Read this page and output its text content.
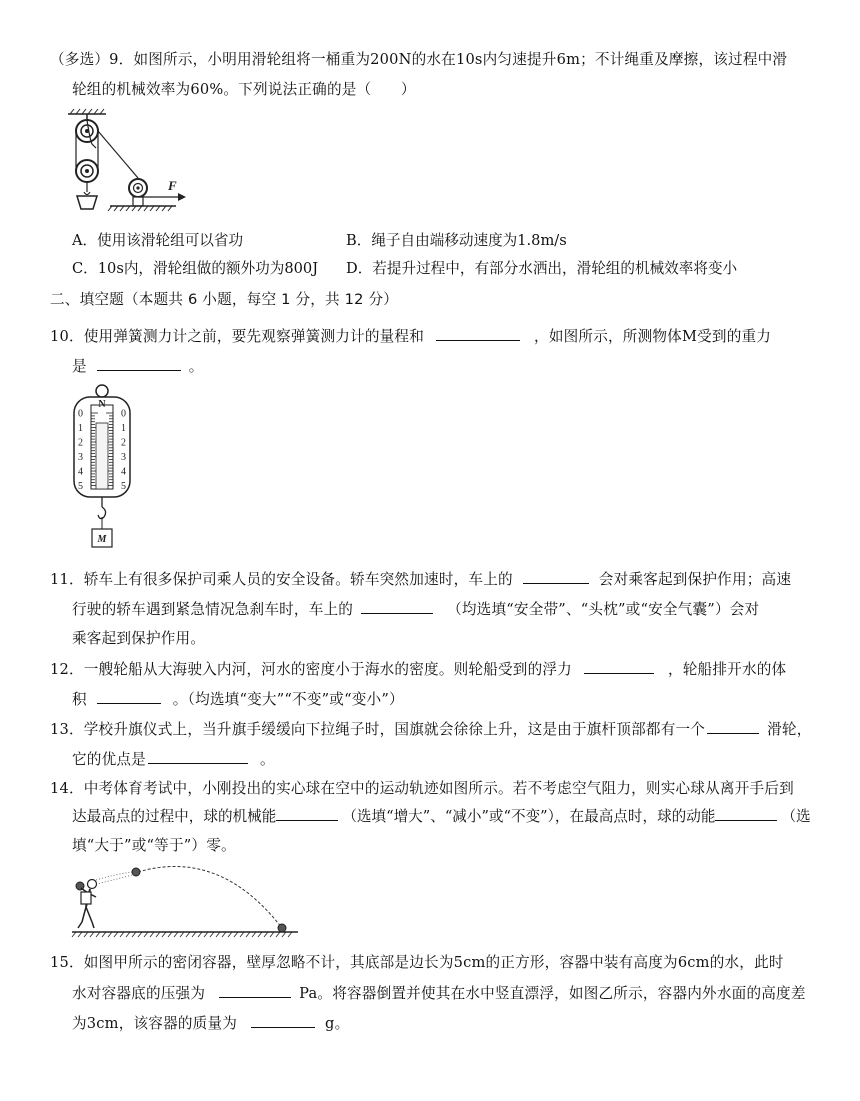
（多选）9．如图所示，小明用滑轮组将一桶重为200N的水在10s内匀速提升6m；不计绳重及摩擦，该过程中滑
轮组的机械效率为60%。下列说法正确的是（　　）
F
A．使用该滑轮组可以省功	B．绳子自由端移动速度为1.8m/s
C．10s内，滑轮组做的额外功为800J D．若提升过程中，有部分水洒出，滑轮组的机械效率将变小
二、填空题（本题共 6 小题，每空 1 分，共 12 分）
10．使用弹簧测力计之前，要先观察弹簧测力计的量程和	，如图所示，所测物体M受到的重力
是	。
N
0	0
1	1
2	2
3	3
4	4
5	5
M
11．轿车上有很多保护司乘人员的安全设备。轿车突然加速时，车上的	会对乘客起到保护作用；高速
行驶的轿车遇到紧急情况急刹车时，车上的	（均选填“安全带”、“头枕”或“安全气囊”）会对
乘客起到保护作用。
12．一艘轮船从大海驶入内河，河水的密度小于海水的密度。则轮船受到的浮力	，轮船排开水的体
积	。（均选填“变大”“不变”或“变小”）
13．学校升旗仪式上，当升旗手缓缓向下拉绳子时，国旗就会徐徐上升，这是由于旗杆顶部都有一个	滑轮，
它的优点是	。
14．中考体育考试中，小刚投出的实心球在空中的运动轨迹如图所示。若不考虑空气阻力，则实心球从离开手后到
达最高点的过程中，球的机械能	（选填“增大”、“减小”或“不变”），在最高点时，球的动能	（选
填“大于”或“等于”）零。
15．如图甲所示的密闭容器，壁厚忽略不计，其底部是边长为5cm的正方形，容器中装有高度为6cm的水，此时
水对容器底的压强为	Pa。将容器倒置并使其在水中竖直漂浮，如图乙所示，容器内外水面的高度差
为3cm，该容器的质量为	g。
